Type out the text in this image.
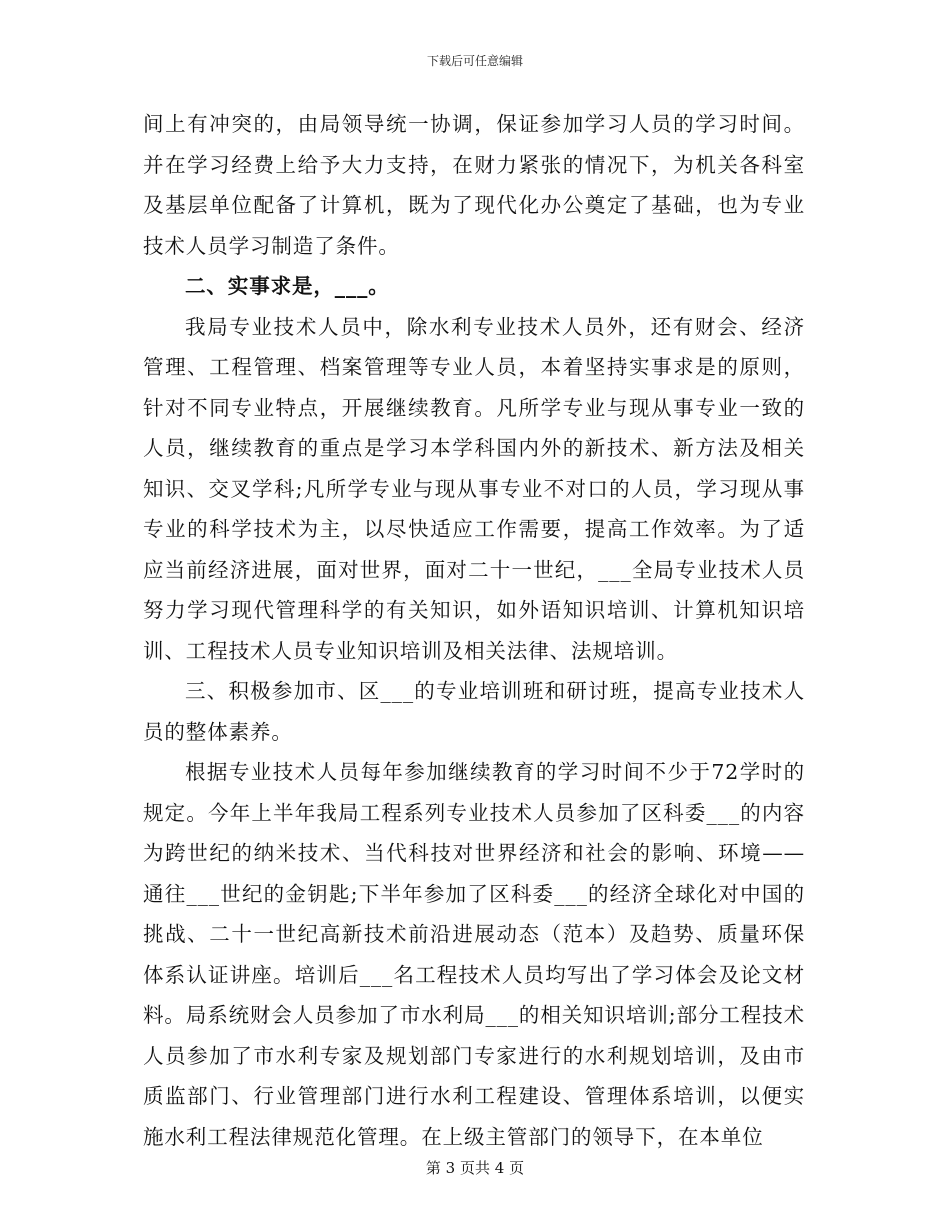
下载后可任意编辑

间上有冲突的，由局领导统一协调，保证参加学习人员的学习时间。并在学习经费上给予大力支持，在财力紧张的情况下，为机关各科室及基层单位配备了计算机，既为了现代化办公奠定了基础，也为专业技术人员学习制造了条件。

二、实事求是，___。

我局专业技术人员中，除水利专业技术人员外，还有财会、经济管理、工程管理、档案管理等专业人员，本着坚持实事求是的原则，针对不同专业特点，开展继续教育。凡所学专业与现从事专业一致的人员，继续教育的重点是学习本学科国内外的新技术、新方法及相关知识、交叉学科;凡所学专业与现从事专业不对口的人员，学习现从事专业的科学技术为主，以尽快适应工作需要，提高工作效率。为了适应当前经济进展，面对世界，面对二十一世纪，___全局专业技术人员努力学习现代管理科学的有关知识，如外语知识培训、计算机知识培训、工程技术人员专业知识培训及相关法律、法规培训。

三、积极参加市、区___的专业培训班和研讨班，提高专业技术人员的整体素养。

根据专业技术人员每年参加继续教育的学习时间不少于72学时的规定。今年上半年我局工程系列专业技术人员参加了区科委___的内容为跨世纪的纳米技术、当代科技对世界经济和社会的影响、环境——通往___世纪的金钥匙;下半年参加了区科委___的经济全球化对中国的挑战、二十一世纪高新技术前沿进展动态（范本）及趋势、质量环保体系认证讲座。培训后___名工程技术人员均写出了学习体会及论文材料。局系统财会人员参加了市水利局___的相关知识培训;部分工程技术人员参加了市水利专家及规划部门专家进行的水利规划培训，及由市质监部门、行业管理部门进行水利工程建设、管理体系培训，以便实施水利工程法律规范化管理。在上级主管部门的领导下，在本单位

第 3 页共 4 页
